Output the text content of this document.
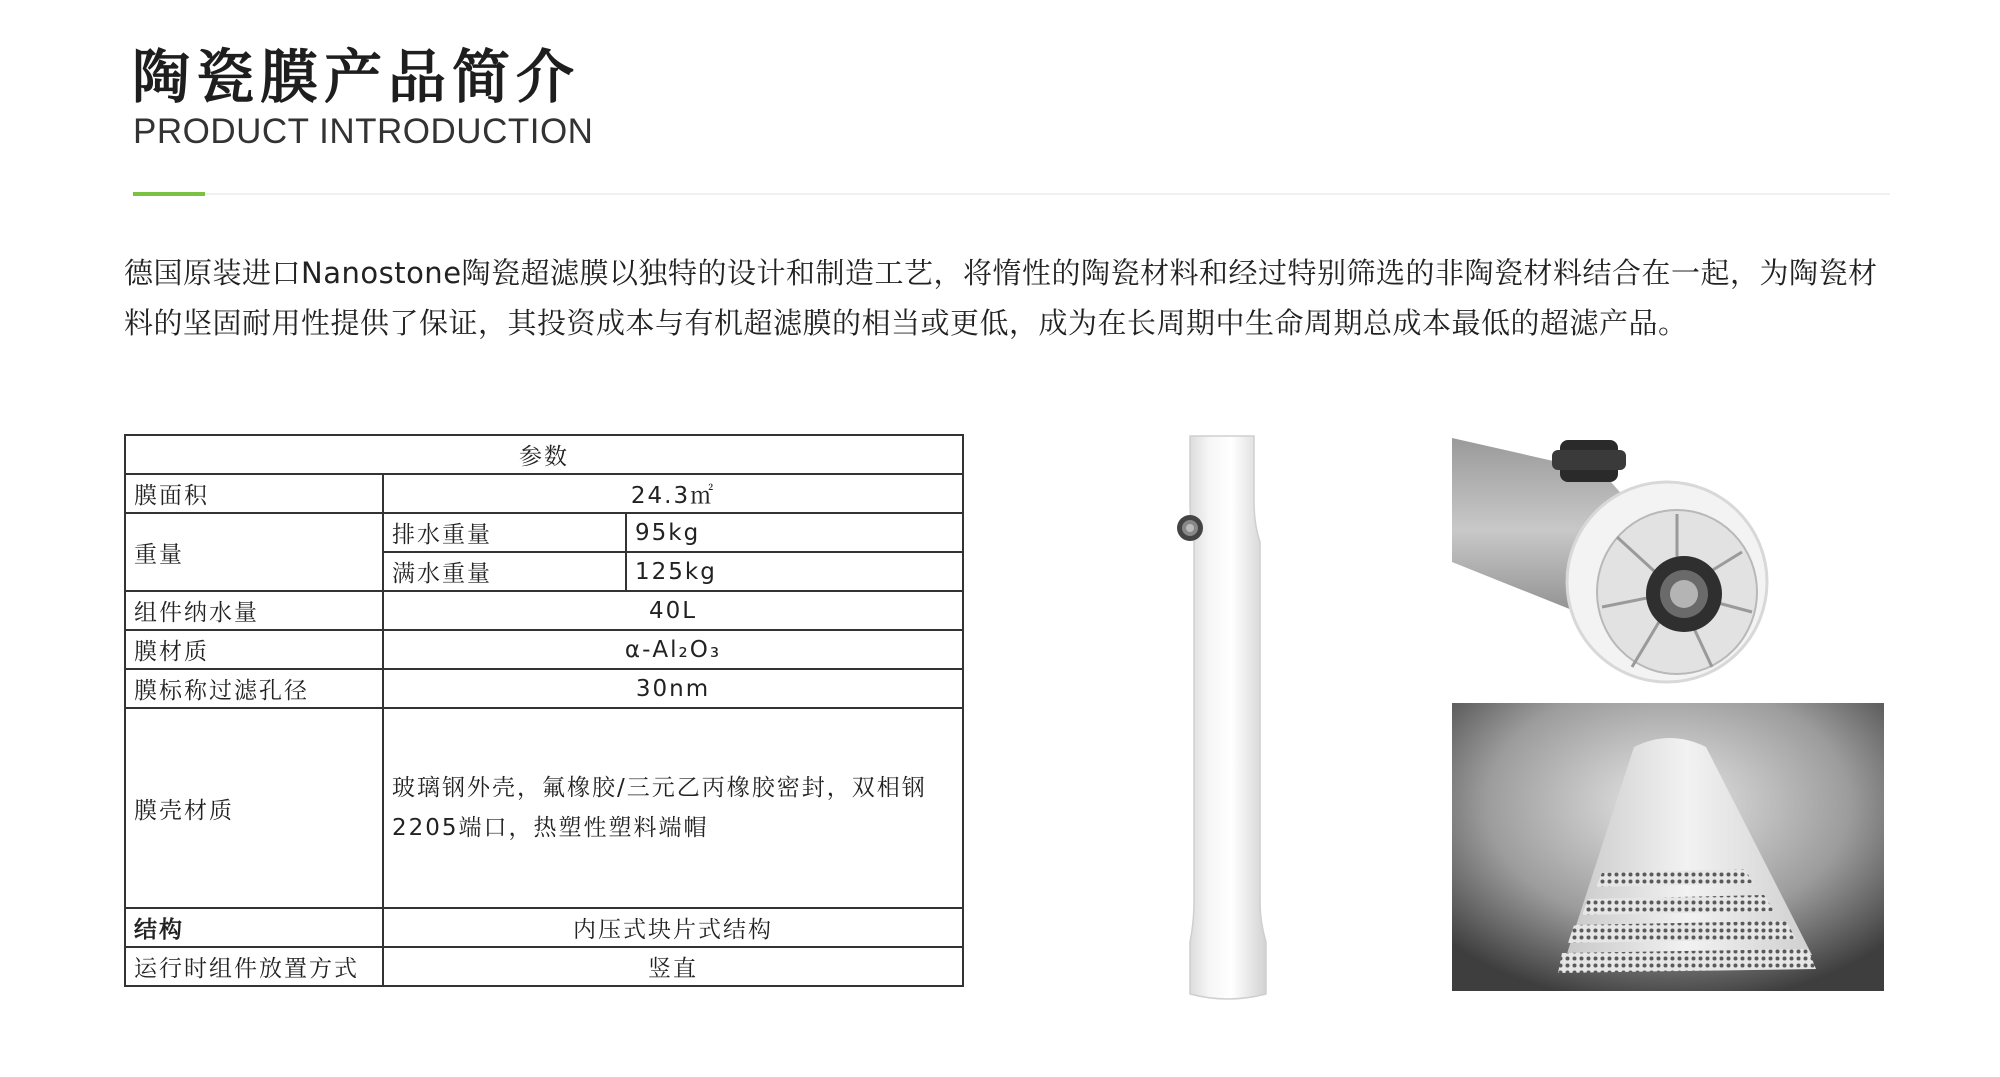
陶瓷膜产品简介
PRODUCT INTRODUCTION
德国原装进口Nanostone陶瓷超滤膜以独特的设计和制造工艺，将惰性的陶瓷材料和经过特别筛选的非陶瓷材料结合在一起，为陶瓷材料的坚固耐用性提供了保证，其投资成本与有机超滤膜的相当或更低，成为在长周期中生命周期总成本最低的超滤产品。
参数		
膜面积	24.3㎡	
重量	排水重量	95kg
	满水重量	125kg
组件纳水量	40L	
膜材质	α-Al₂O₃	
膜标称过滤孔径	30nm	
膜壳材质	玻璃钢外壳，氟橡胶/三元乙丙橡胶密封，双相钢2205端口，热塑性塑料端帽	
结构	内压式块片式结构	
运行时组件放置方式	竖直	
